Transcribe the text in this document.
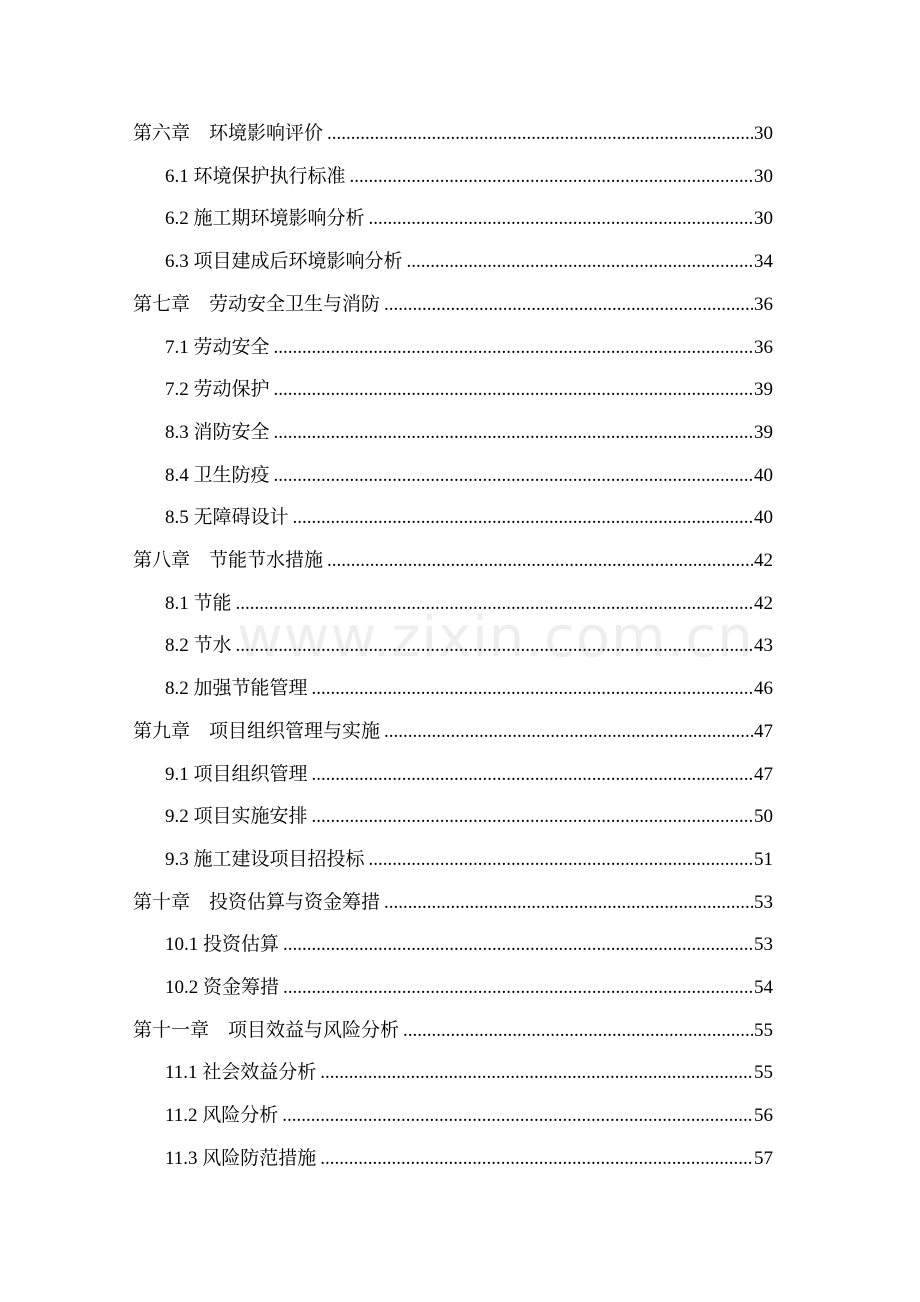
第六章　环境影响评价 .....	30
6.1 环境保护执行标准 .....	30
6.2 施工期环境影响分析 .....	30
6.3 项目建成后环境影响分析 .....	34
第七章　劳动安全卫生与消防 .....	36
7.1 劳动安全 .....	36
7.2 劳动保护 .....	39
8.3 消防安全 .....	39
8.4 卫生防疫 .....	40
8.5 无障碍设计 .....	40
第八章　节能节水措施 .....	42
8.1 节能 .....	42
8.2 节水 .....	43
8.2 加强节能管理 .....	46
第九章　项目组织管理与实施 .....	47
9.1 项目组织管理 .....	47
9.2 项目实施安排 .....	50
9.3 施工建设项目招投标 .....	51
第十章　投资估算与资金筹措 .....	53
10.1 投资估算 .....	53
10.2 资金筹措 .....	54
第十一章　项目效益与风险分析 .....	55
11.1 社会效益分析 .....	55
11.2 风险分析 .....	56
11.3 风险防范措施 .....	57
www.zixin.com.cn
